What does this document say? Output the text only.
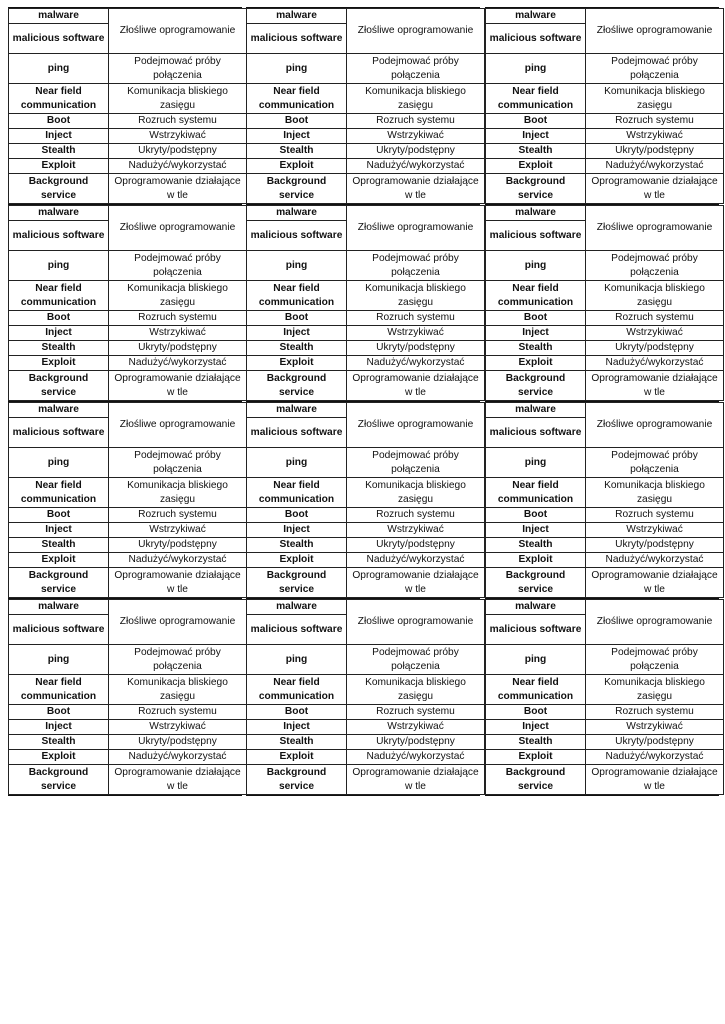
malware	Złośliwe oprogramowanie
malicious software	
ping	Podejmować próby połączenia
Near field communication	Komunikacja bliskiego zasięgu
Boot	Rozruch systemu
Inject	Wstrzykiwać
Stealth	Ukryty/podstępny
Exploit	Nadużyć/wykorzystać
Background service	Oprogramowanie działające w tle
malware	Złośliwe oprogramowanie
malicious software	
ping	Podejmować próby połączenia
Near field communication	Komunikacja bliskiego zasięgu
Boot	Rozruch systemu
Inject	Wstrzykiwać
Stealth	Ukryty/podstępny
Exploit	Nadużyć/wykorzystać
Background service	Oprogramowanie działające w tle
malware	Złośliwe oprogramowanie
malicious software	
ping	Podejmować próby połączenia
Near field communication	Komunikacja bliskiego zasięgu
Boot	Rozruch systemu
Inject	Wstrzykiwać
Stealth	Ukryty/podstępny
Exploit	Nadużyć/wykorzystać
Background service	Oprogramowanie działające w tle
malware	Złośliwe oprogramowanie
malicious software	
ping	Podejmować próby połączenia
Near field communication	Komunikacja bliskiego zasięgu
Boot	Rozruch systemu
Inject	Wstrzykiwać
Stealth	Ukryty/podstępny
Exploit	Nadużyć/wykorzystać
Background service	Oprogramowanie działające w tle
malware	Złośliwe oprogramowanie
malicious software	
ping	Podejmować próby połączenia
Near field communication	Komunikacja bliskiego zasięgu
Boot	Rozruch systemu
Inject	Wstrzykiwać
Stealth	Ukryty/podstępny
Exploit	Nadużyć/wykorzystać
Background service	Oprogramowanie działające w tle
malware	Złośliwe oprogramowanie
malicious software	
ping	Podejmować próby połączenia
Near field communication	Komunikacja bliskiego zasięgu
Boot	Rozruch systemu
Inject	Wstrzykiwać
Stealth	Ukryty/podstępny
Exploit	Nadużyć/wykorzystać
Background service	Oprogramowanie działające w tle
malware	Złośliwe oprogramowanie
malicious software	
ping	Podejmować próby połączenia
Near field communication	Komunikacja bliskiego zasięgu
Boot	Rozruch systemu
Inject	Wstrzykiwać
Stealth	Ukryty/podstępny
Exploit	Nadużyć/wykorzystać
Background service	Oprogramowanie działające w tle
malware	Złośliwe oprogramowanie
malicious software	
ping	Podejmować próby połączenia
Near field communication	Komunikacja bliskiego zasięgu
Boot	Rozruch systemu
Inject	Wstrzykiwać
Stealth	Ukryty/podstępny
Exploit	Nadużyć/wykorzystać
Background service	Oprogramowanie działające w tle
malware	Złośliwe oprogramowanie
malicious software	
ping	Podejmować próby połączenia
Near field communication	Komunikacja bliskiego zasięgu
Boot	Rozruch systemu
Inject	Wstrzykiwać
Stealth	Ukryty/podstępny
Exploit	Nadużyć/wykorzystać
Background service	Oprogramowanie działające w tle
malware	Złośliwe oprogramowanie
malicious software	
ping	Podejmować próby połączenia
Near field communication	Komunikacja bliskiego zasięgu
Boot	Rozruch systemu
Inject	Wstrzykiwać
Stealth	Ukryty/podstępny
Exploit	Nadużyć/wykorzystać
Background service	Oprogramowanie działające w tle
malware	Złośliwe oprogramowanie
malicious software	
ping	Podejmować próby połączenia
Near field communication	Komunikacja bliskiego zasięgu
Boot	Rozruch systemu
Inject	Wstrzykiwać
Stealth	Ukryty/podstępny
Exploit	Nadużyć/wykorzystać
Background service	Oprogramowanie działające w tle
malware	Złośliwe oprogramowanie
malicious software	
ping	Podejmować próby połączenia
Near field communication	Komunikacja bliskiego zasięgu
Boot	Rozruch systemu
Inject	Wstrzykiwać
Stealth	Ukryty/podstępny
Exploit	Nadużyć/wykorzystać
Background service	Oprogramowanie działające w tle
